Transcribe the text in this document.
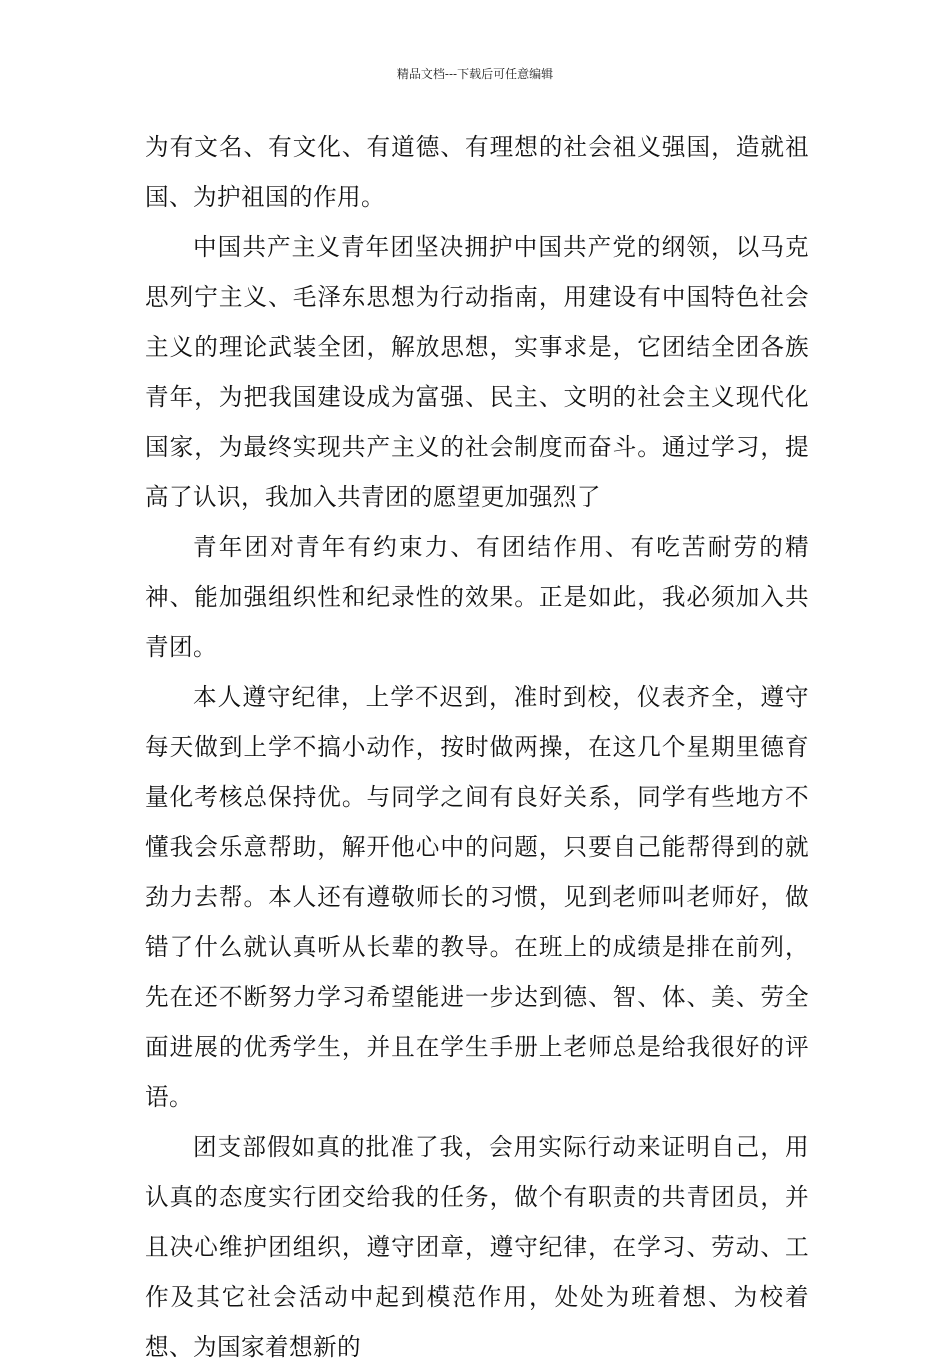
精品文档---下载后可任意编辑

为有文名、有文化、有道德、有理想的社会祖义强国，造就祖国、为护祖国的作用。

中国共产主义青年团坚决拥护中国共产党的纲领，以马克思列宁主义、毛泽东思想为行动指南，用建设有中国特色社会主义的理论武装全团，解放思想，实事求是，它团结全团各族青年，为把我国建设成为富强、民主、文明的社会主义现代化国家，为最终实现共产主义的社会制度而奋斗。通过学习，提高了认识，我加入共青团的愿望更加强烈了

青年团对青年有约束力、有团结作用、有吃苦耐劳的精神、能加强组织性和纪录性的效果。正是如此，我必须加入共青团。

本人遵守纪律，上学不迟到，准时到校，仪表齐全，遵守每天做到上学不搞小动作，按时做两操，在这几个星期里德育量化考核总保持优。与同学之间有良好关系，同学有些地方不懂我会乐意帮助，解开他心中的问题，只要自己能帮得到的就劲力去帮。本人还有遵敬师长的习惯，见到老师叫老师好，做错了什么就认真听从长辈的教导。在班上的成绩是排在前列，先在还不断努力学习希望能进一步达到德、智、体、美、劳全面进展的优秀学生，并且在学生手册上老师总是给我很好的评语。

团支部假如真的批准了我，会用实际行动来证明自己，用认真的态度实行团交给我的任务，做个有职责的共青团员，并且决心维护团组织，遵守团章，遵守纪律，在学习、劳动、工作及其它社会活动中起到模范作用，处处为班着想、为校着想、为国家着想新的
